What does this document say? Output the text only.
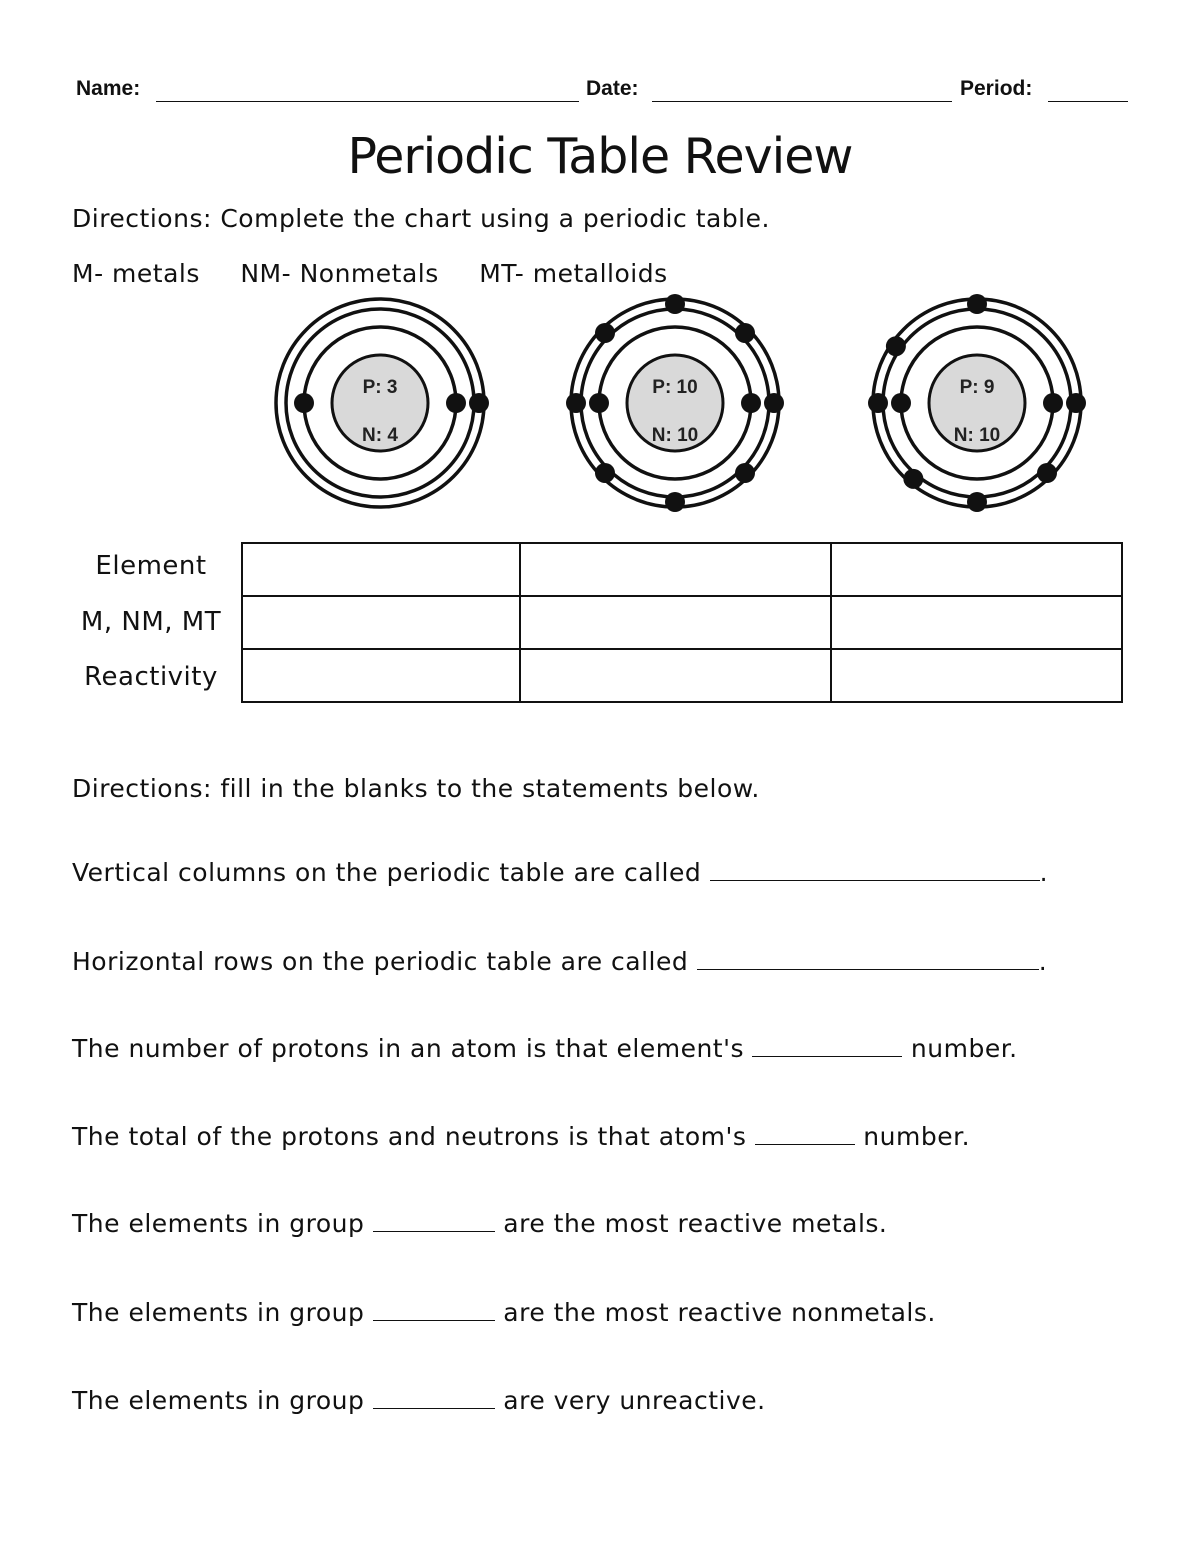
Name:	Date:	Period:
Periodic Table Review
Directions: Complete the chart using a periodic table.
M- metals NM- Nonmetals MT- metalloids
P: 3
N: 4
P: 10
N: 10
P: 9
N: 10
Element
M, NM, MT
Reactivity

Directions: fill in the blanks to the statements below.
Vertical columns on the periodic table are called	.
Horizontal rows on the periodic table are called	.
The number of protons in an atom is that element's	number.
The total of the protons and neutrons is that atom's	number.
The elements in group	are the most reactive metals.
The elements in group	are the most reactive nonmetals.
The elements in group	are very unreactive.
